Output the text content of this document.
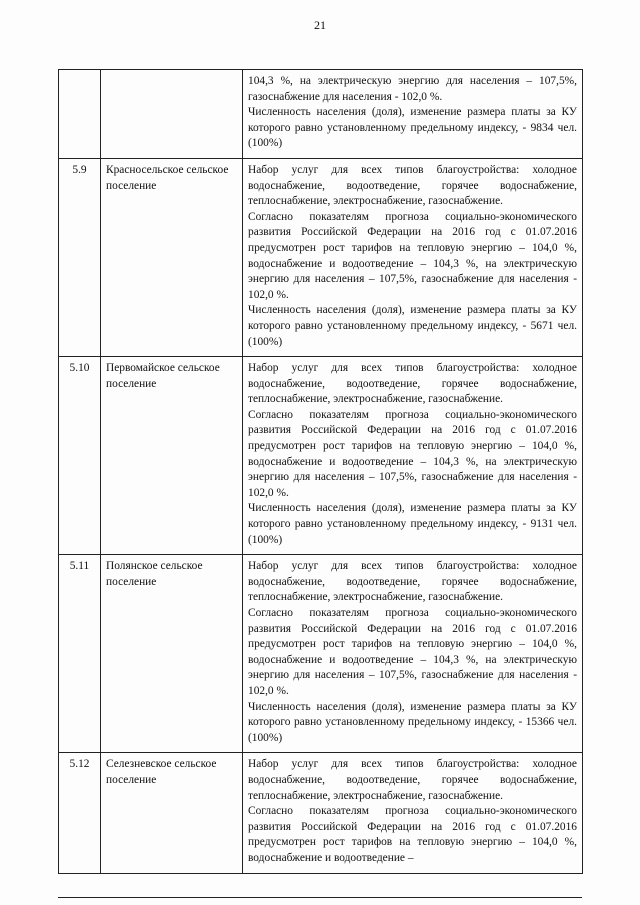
21

		104,3 %, на электрическую энергию для населения – 107,5%, газоснабжение для населения - 102,0 %.
Численность населения (доля), изменение размера платы за КУ которого равно установленному предельному индексу, - 9834 чел. (100%)

5.9	Красносельское сельское поселение	Набор услуг для всех типов благоустройства: холодное водоснабжение, водоотведение, горячее водоснабжение, теплоснабжение, электроснабжение, газоснабжение.
Согласно показателям прогноза социально-экономического развития Российской Федерации на 2016 год с 01.07.2016 предусмотрен рост тарифов на тепловую энергию – 104,0 %, водоснабжение и водоотведение – 104,3 %, на электрическую энергию для населения – 107,5%, газоснабжение для населения - 102,0 %.
Численность населения (доля), изменение размера платы за КУ которого равно установленному предельному индексу, - 5671 чел. (100%)

5.10	Первомайское сельское поселение	Набор услуг для всех типов благоустройства: холодное водоснабжение, водоотведение, горячее водоснабжение, теплоснабжение, электроснабжение, газоснабжение.
Согласно показателям прогноза социально-экономического развития Российской Федерации на 2016 год с 01.07.2016 предусмотрен рост тарифов на тепловую энергию – 104,0 %, водоснабжение и водоотведение – 104,3 %, на электрическую энергию для населения – 107,5%, газоснабжение для населения - 102,0 %.
Численность населения (доля), изменение размера платы за КУ которого равно установленному предельному индексу, - 9131 чел. (100%)

5.11	Полянское сельское поселение	Набор услуг для всех типов благоустройства: холодное водоснабжение, водоотведение, горячее водоснабжение, теплоснабжение, электроснабжение, газоснабжение.
Согласно показателям прогноза социально-экономического развития Российской Федерации на 2016 год с 01.07.2016 предусмотрен рост тарифов на тепловую энергию – 104,0 %, водоснабжение и водоотведение – 104,3 %, на электрическую энергию для населения – 107,5%, газоснабжение для населения - 102,0 %.
Численность населения (доля), изменение размера платы за КУ которого равно установленному предельному индексу, - 15366 чел. (100%)

5.12	Селезневское сельское поселение	Набор услуг для всех типов благоустройства: холодное водоснабжение, водоотведение, горячее водоснабжение, теплоснабжение, электроснабжение, газоснабжение.
Согласно показателям прогноза социально-экономического развития Российской Федерации на 2016 год с 01.07.2016 предусмотрен рост тарифов на тепловую энергию – 104,0 %, водоснабжение и водоотведение –
